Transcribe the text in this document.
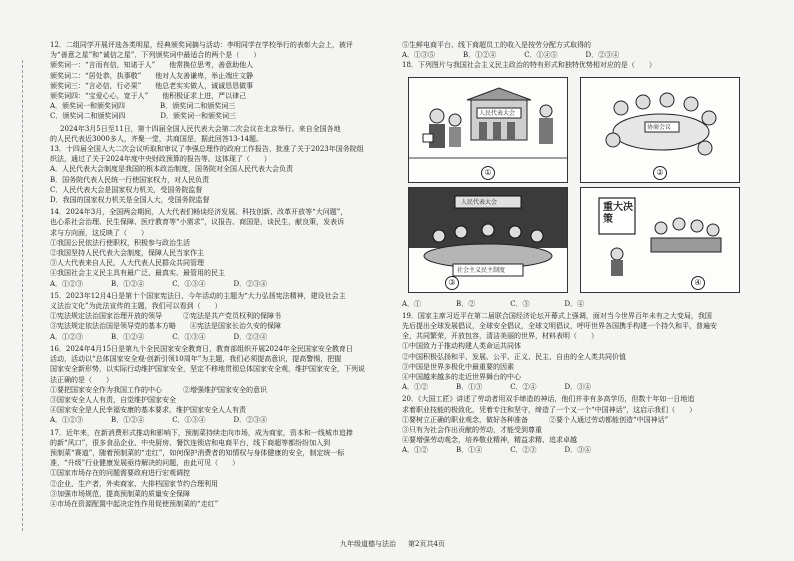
12．二组同学开展评选各类明星，经典颁奖词摘与活动：李明同学在学校举行的表彰大会上，被评

为“善意之星”和“诚信之星”．下列颁奖词中最适合的两个是（　　）

颁奖词一：“言而有信，知诺于人”　　他常换位思考，善意助他人

颁奖词二：“居处恭，执事敬”　　他对人友善谦卑，举止端庄文静

颁奖词三：“言必信，行必果”　　他总老实实做人，诚诚恳恳做事

颁奖词四：“宝爱心心，宽于人”　　他积极证求上进，严以律己

A．颁奖词一和颁奖词四　　　　　B．颁奖词二和颁奖词三

C．颁奖词二和颁奖词四　　　　　D．颁奖词一和颁奖词三

2024年3月5日至11日，第十四届全国人民代表大会第二次会议在北京举行。来自全国各地

的人民代表近3000多人，齐聚一堂，共商国是，据此回答13-14题。

13．十四届全国人大二次会议听取和审议了李强总理作的政府工作报告，批准了关于2023年国务院组

织法，通过了关于2024年度中央财政预算的报告等。这体现了（　　）

A．人民代表大会制度是我国的根本政治制度，国务院对全国人民代表大会负责

B．国务院代表人民统一行使国家权力，对人民负责

C．人民代表大会是国家权力机关，受国务院监督

D．我国的国家权力机关是全国人大，受国务院监督

14．2024年3月，全国两会期间，人大代表们畅谈经济发展、科技创新、改革开放等“大问题”，

也心系社会治理、民生保障、医疗教育等“小需求”，议报告、商国是，谈民生，献良策，发表诉

求与方向面，这反映了（　　）

①我国公民依法行使职权，积极参与政治生活

②我国坚持人民代表大会制度，保障人民当家作主

③人大代表来自人民，人大代表人民群众共同管理

④我国社会主义民主具有最广泛、最真实、最管用的民主

A．①②③　　　　B．①②④　　　　C．①③④　　　　D．②③④

15．2023年12月4日是第十个国家宪法日，今年活动的主题为“大力弘扬宪法精神，建设社会主

义法治文化”为此法宣传的主题，我们可以看到（　　）

①宪法规定法治国家治理开放的领导　　　②宪法是共产党员权利的保障书

③宪法规定依法治国是领导党的基本方略　　④宪法是国家长治久安的保障

A．①②③　　　　B．①②④　　　　C．①③④　　　　D．②③④

16．2024年4月15日是第九个全民国家安全教育日，教育部组织开展2024年全民国家安全教育日

活动，活动以“总体国家安全观·创新引领10周年”为主题，我们必须提高意识，提高警惕，把握

国家安全新形势，以实际行动维护国家安全，坚定不移地贯彻总体国家安全观，维护国家安全，下列说

法正确的是（　　）

①要把国家安全作为我国工作的中心　　　②增强维护国家安全的意识

③国家安全人人有责，自觉维护国家安全

④国家安全是人民幸福安康的基本要求，维护国家安全人人有责

A．①②③　　　　B．①②④　　　　C．①③④　　　　D．②③④

17．近年来，在新消费形式推动和影响下，预制菜持续走向市场，成为商家，资本和一线城市追捧

的新“风口”，很多食品企业、中央厨房、餐饮连锁店和电商平台，线下商超等都纷纷加入到

预制菜“赛道”，随着预制菜的“走红”，如何保护消费者的知情权与身体健康的安全，制定统一标

准，“升级”行业健康发展亟待解决的问题，由此可见（　　）

①国家市场存在的问题需要政府进行宏观调控

②企业、生产者，外卖商家、大排档国家节约合理利用

③加强市场规范，提高预制菜的质量安全保障

④市场在资源配置中起决定性作用促使预制菜的“走红”

⑤生鲜电商平台、线下商超员工的收入是按劳分配方式取得的

A．①③⑤　　　　B．①②④　　　　C．①④⑤　　　　D．②③④

18．下列图片与我国社会主义民主政治的特有形式和独特优势相对应的是（　　）

人民代表大会
①
协商会议
②
人民代表大会
社会主义民主制度
③
重大决策
④

A．①　　　　　B．②　　　　　C．③　　　　　D．④

19．国家主席习近平在第二届联合国经济论坛开幕式上强调，面对当今世界百年未有之大变局，我国

先后提出全球发展倡议，全球安全倡议，全球文明倡议，呼吁世界各国携手构建一个持久和平，普遍安

全，共同繁荣，开放包容，清洁美丽的世界，材料表明（　　）

①中国致力于推动构建人类命运共同体

②中国积极弘扬和平、发展、公平、正义、民主、自由的全人类共同价值

③中国是世界多极化中最重要的因素

④中国越来越多的走近世界舞台的中心

A．①②　　　　B．①③　　　　C．②④　　　　D．③④

20．《大国工匠》讲述了劳动者用双手缔造的神话，他们并非有多高学历，但数十年如一日地追

求着职业技能的极致化，凭着专注和坚守，缔造了一个又一个“中国神话”，这启示我们（　　）

①要树立正确的职业观念，做好各种准备　　　②要个人通过劳动都能创造“中国神话”

③只有为社会作出贡献的劳动，才能受到尊重

④要增强劳动观念，培养敬业精神，精益求精、追求卓越

A．①②　　　　B．①④　　　　C．②③　　　　D．③④

九年级道德与法治 第2页共4页
